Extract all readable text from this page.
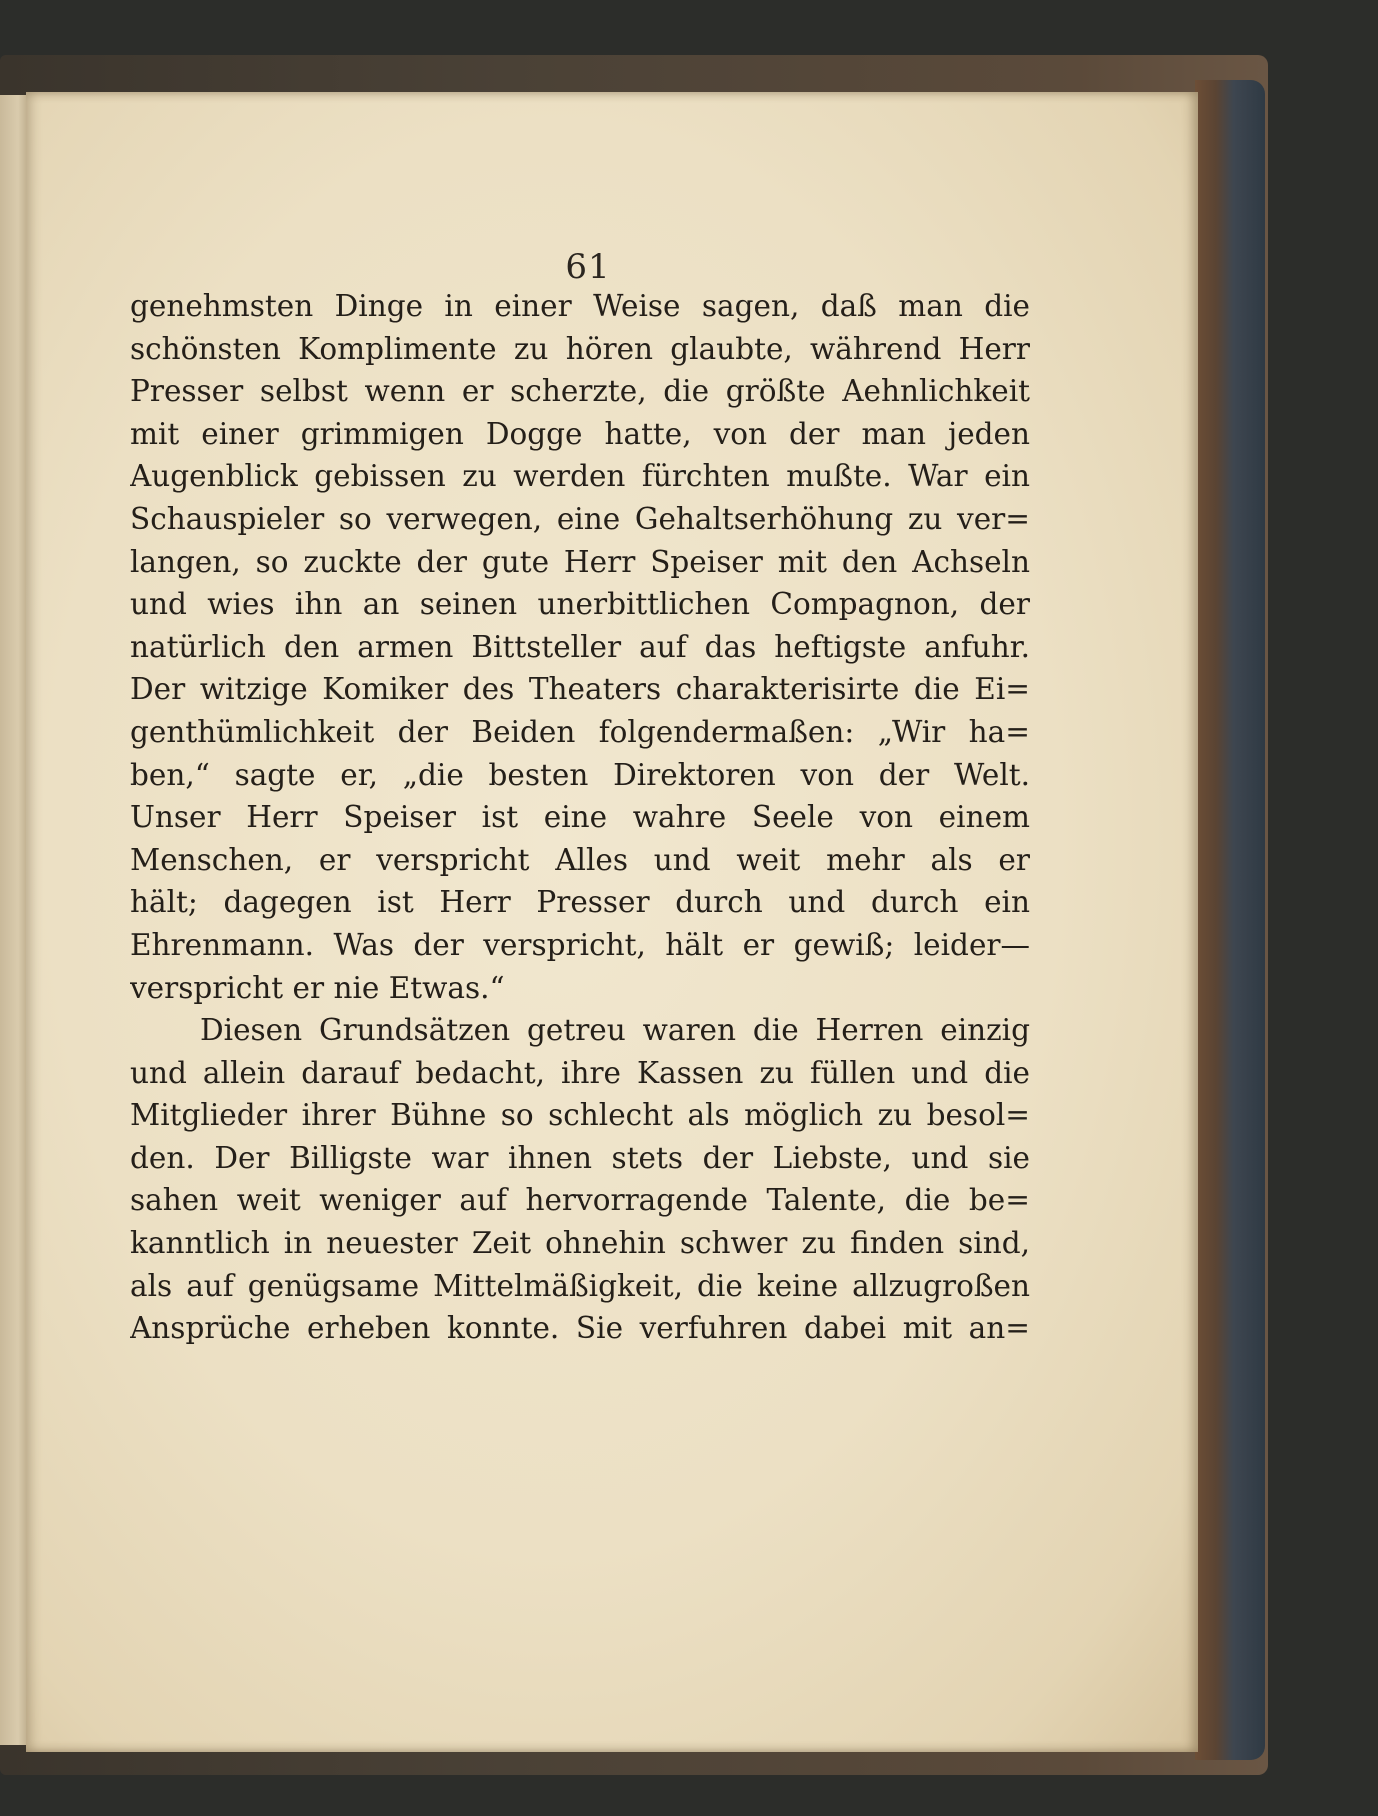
61
genehmsten Dinge in einer Weise sagen, daß man die
schönsten Komplimente zu hören glaubte, während Herr
Presser selbst wenn er scherzte, die größte Aehnlichkeit
mit einer grimmigen Dogge hatte, von der man jeden
Augenblick gebissen zu werden fürchten mußte. War ein
Schauspieler so verwegen, eine Gehaltserhöhung zu ver=
langen, so zuckte der gute Herr Speiser mit den Achseln
und wies ihn an seinen unerbittlichen Compagnon, der
natürlich den armen Bittsteller auf das heftigste anfuhr.
Der witzige Komiker des Theaters charakterisirte die Ei=
genthümlichkeit der Beiden folgendermaßen: „Wir ha=
ben,“ sagte er, „die besten Direktoren von der Welt.
Unser Herr Speiser ist eine wahre Seele von einem
Menschen, er verspricht Alles und weit mehr als er
hält; dagegen ist Herr Presser durch und durch ein
Ehrenmann. Was der verspricht, hält er gewiß; leider—
verspricht er nie Etwas.“
Diesen Grundsätzen getreu waren die Herren einzig
und allein darauf bedacht, ihre Kassen zu füllen und die
Mitglieder ihrer Bühne so schlecht als möglich zu besol=
den. Der Billigste war ihnen stets der Liebste, und sie
sahen weit weniger auf hervorragende Talente, die be=
kanntlich in neuester Zeit ohnehin schwer zu finden sind,
als auf genügsame Mittelmäßigkeit, die keine allzugroßen
Ansprüche erheben konnte. Sie verfuhren dabei mit an=
